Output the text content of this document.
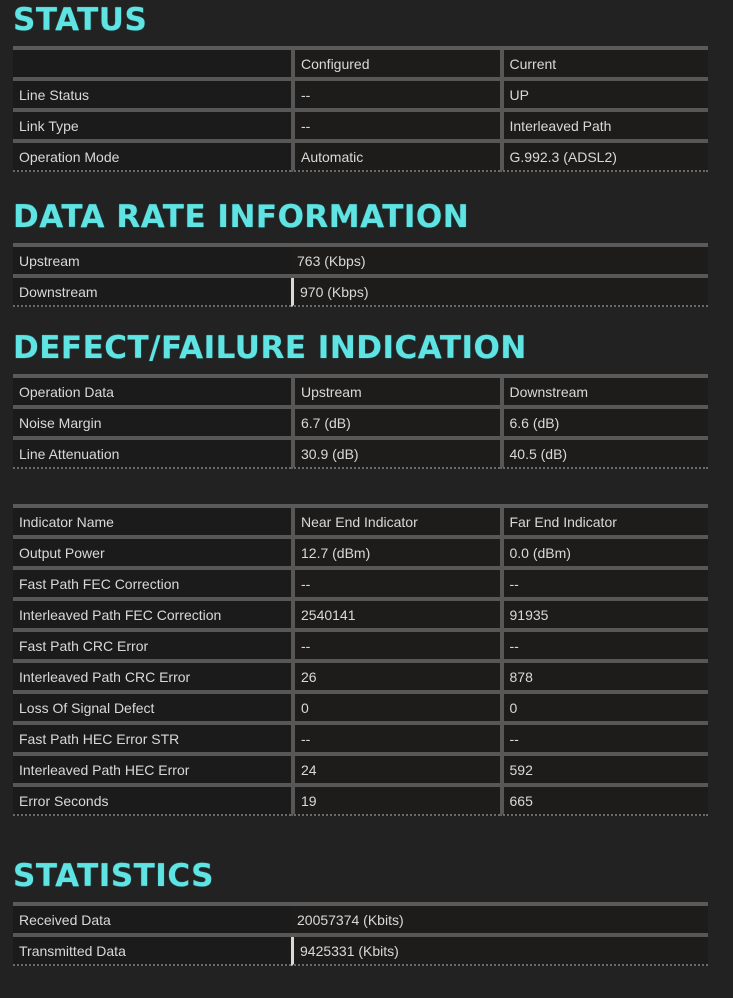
STATUS
	Configured	Current
Line Status	--	UP
Link Type	--	Interleaved Path
Operation Mode	Automatic	G.992.3 (ADSL2)
DATA RATE INFORMATION
Upstream	763 (Kbps)
Downstream	970 (Kbps)
DEFECT/FAILURE INDICATION
Operation Data	Upstream	Downstream
Noise Margin	6.7 (dB)	6.6 (dB)
Line Attenuation	30.9 (dB)	40.5 (dB)
Indicator Name	Near End Indicator	Far End Indicator
Output Power	12.7 (dBm)	0.0 (dBm)
Fast Path FEC Correction	--	--
Interleaved Path FEC Correction	2540141	91935
Fast Path CRC Error	--	--
Interleaved Path CRC Error	26	878
Loss Of Signal Defect	0	0
Fast Path HEC Error STR	--	--
Interleaved Path HEC Error	24	592
Error Seconds	19	665
STATISTICS
Received Data	20057374 (Kbits)
Transmitted Data	9425331 (Kbits)
